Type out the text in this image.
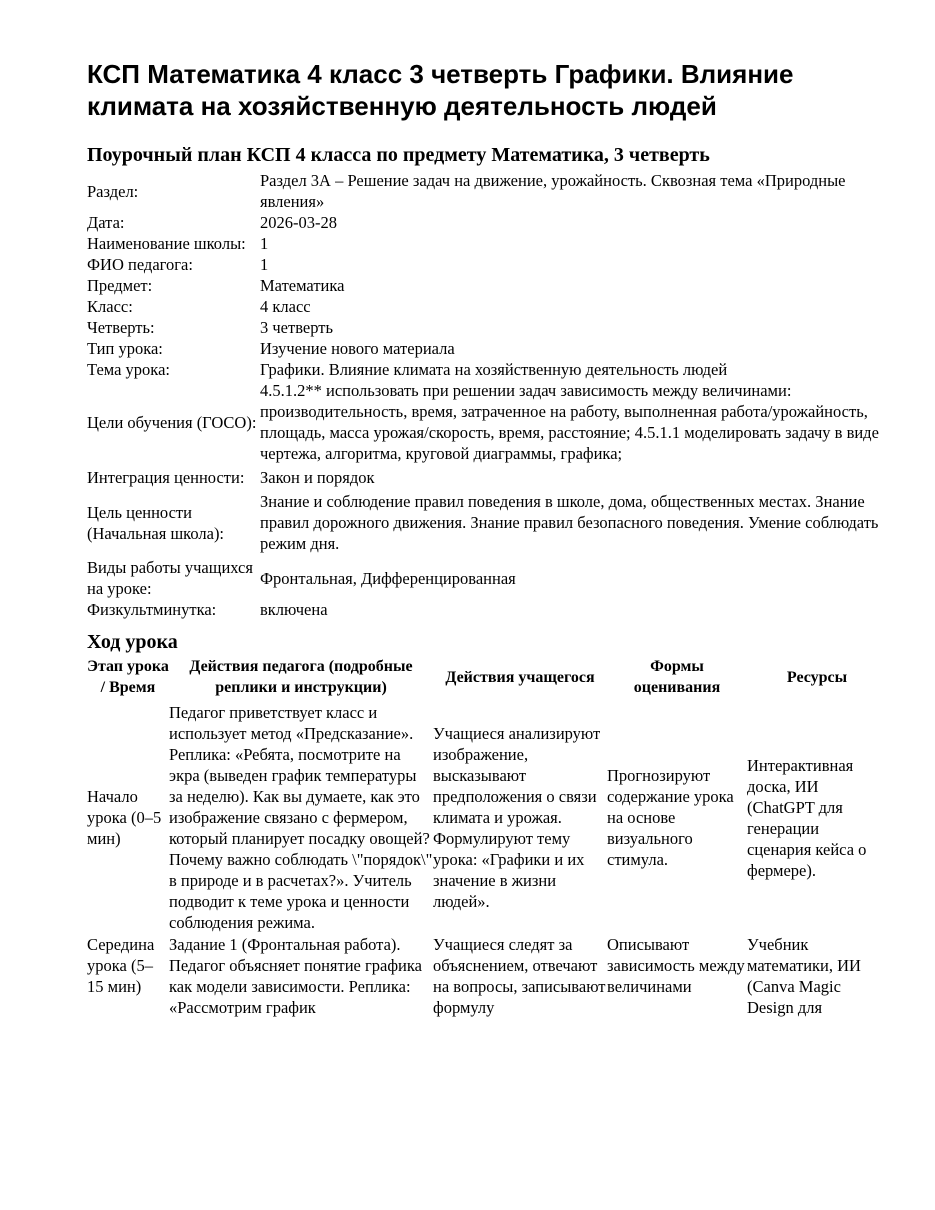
КСП Математика 4 класс 3 четверть Графики. Влияние климата на хозяйственную деятельность людей
Поурочный план КСП 4 класса по предмету Математика, 3 четверть
Раздел:	Раздел 3А – Решение задач на движение, урожайность. Сквозная тема «Природные явления»
Дата:	2026-03-28
Наименование школы:	1
ФИО педагога:	1
Предмет:	Математика
Класс:	4 класс
Четверть:	3 четверть
Тип урока:	Изучение нового материала
Тема урока:	Графики. Влияние климата на хозяйственную деятельность людей
Цели обучения (ГОСО):	4.5.1.2** использовать при решении задач зависимость между величинами: производительность, время, затраченное на работу, выполненная работа/урожайность, площадь, масса урожая/скорость, время, расстояние; 4.5.1.1 моделировать задачу в виде чертежа, алгоритма, круговой диаграммы, графика;
Интеграция ценности:	Закон и порядок
Цель ценности (Начальная школа):	Знание и соблюдение правил поведения в школе, дома, общественных местах. Знание правил дорожного движения. Знание правил безопасного поведения. Умение соблюдать режим дня.
Виды работы учащихся на уроке:	Фронтальная, Дифференцированная
Физкультминутка:	включена
Ход урока
Этап урока / Время	Действия педагога (подробные реплики и инструкции)	Действия учащегося	Формы оценивания	Ресурсы
Начало урока (0–5 мин)	Педагог приветствует класс и использует метод «Предсказание». Реплика: «Ребята, посмотрите на экра (выведен график температуры за неделю). Как вы думаете, как это изображение связано с фермером, который планирует посадку овощей? Почему важно соблюдать \"порядок\" в природе и в расчетах?». Учитель подводит к теме урока и ценности соблюдения режима.	Учащиеся анализируют изображение, высказывают предположения о связи климата и урожая. Формулируют тему урока: «Графики и их значение в жизни людей».	Прогнозируют содержание урока на основе визуального стимула.	Интерактивная доска, ИИ (ChatGPT для генерации сценария кейса о фермере).
Середина урока (5–15 мин)	Задание 1 (Фронтальная работа). Педагог объясняет понятие графика как модели зависимости. Реплика: «Рассмотрим график	Учащиеся следят за объяснением, отвечают на вопросы, записывают формулу	Описывают зависимость между величинами	Учебник математики, ИИ (Canva Magic Design для
